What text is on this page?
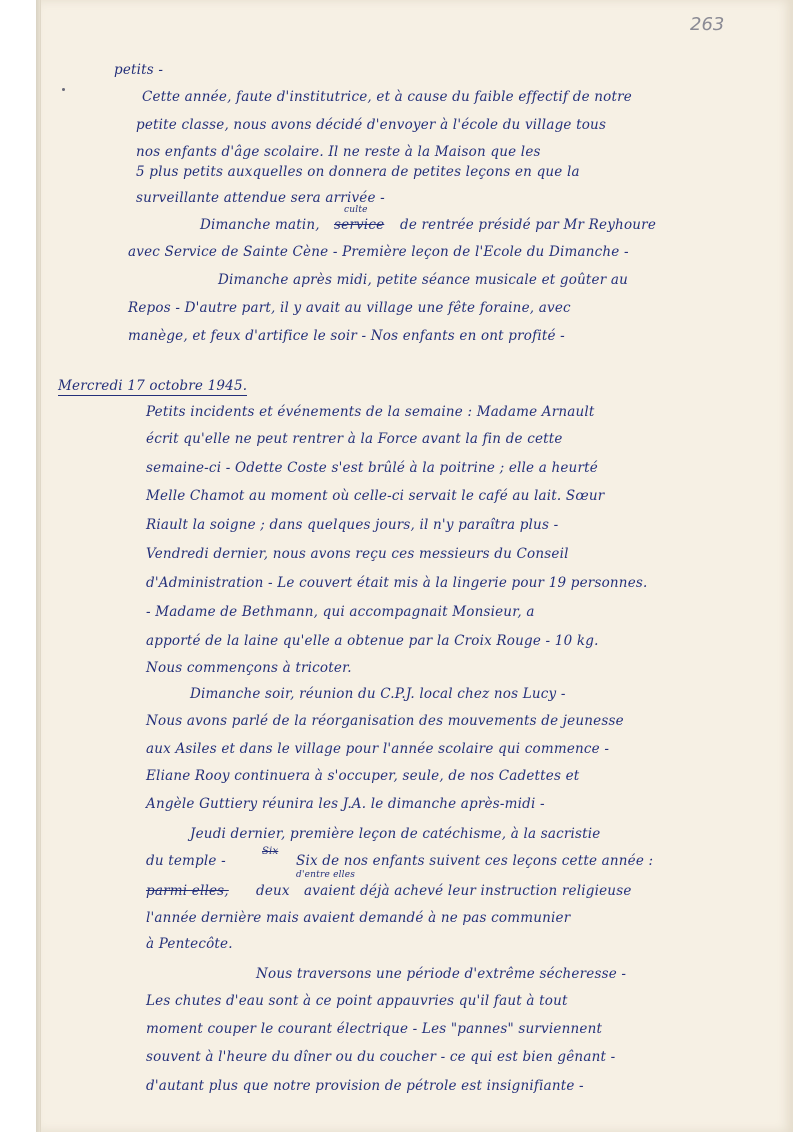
263
petits -
Cette année, faute d'institutrice, et à cause du faible effectif de notre
petite classe, nous avons décidé d'envoyer à l'école du village tous
nos enfants d'âge scolaire. Il ne reste à la Maison que les
5 plus petits auxquelles on donnera de petites leçons en que la
surveillante attendue sera arrivée -
Dimanche matin,
culte
service de rentrée présidé par Mr Reyhoure
avec Service de Sainte Cène - Première leçon de l'Ecole du Dimanche -
Dimanche après midi, petite séance musicale et goûter au
Repos - D'autre part, il y avait au village une fête foraine, avec
manège, et feux d'artifice le soir - Nos enfants en ont profité -
Mercredi 17 octobre 1945.
Petits incidents et événements de la semaine : Madame Arnault
écrit qu'elle ne peut rentrer à la Force avant la fin de cette
semaine-ci - Odette Coste s'est brûlé à la poitrine ; elle a heurté
Melle Chamot au moment où celle-ci servait le café au lait. Sœur
Riault la soigne ; dans quelques jours, il n'y paraîtra plus -
Vendredi dernier, nous avons reçu ces messieurs du Conseil
d'Administration - Le couvert était mis à la lingerie pour 19 personnes.
- Madame de Bethmann, qui accompagnait Monsieur, a
apporté de la laine qu'elle a obtenue par la Croix Rouge - 10 kg.
Nous commençons à tricoter.
Dimanche soir, réunion du C.P.J. local chez nos Lucy -
Nous avons parlé de la réorganisation des mouvements de jeunesse
aux Asiles et dans le village pour l'année scolaire qui commence -
Eliane Rooy continuera à s'occuper, seule, de nos Cadettes et
Angèle Guttiery réunira les J.A. le dimanche après-midi -
Jeudi dernier, première leçon de catéchisme, à la sacristie
du temple -
Six
Six de nos enfants suivent ces leçons cette année :
d'entre elles
parmi elles, deux avaient déjà achevé leur instruction religieuse
l'année dernière mais avaient demandé à ne pas communier
à Pentecôte.
Nous traversons une période d'extrême sécheresse -
Les chutes d'eau sont à ce point appauvries qu'il faut à tout
moment couper le courant électrique - Les "pannes" surviennent
souvent à l'heure du dîner ou du coucher - ce qui est bien gênant -
d'autant plus que notre provision de pétrole est insignifiante -
